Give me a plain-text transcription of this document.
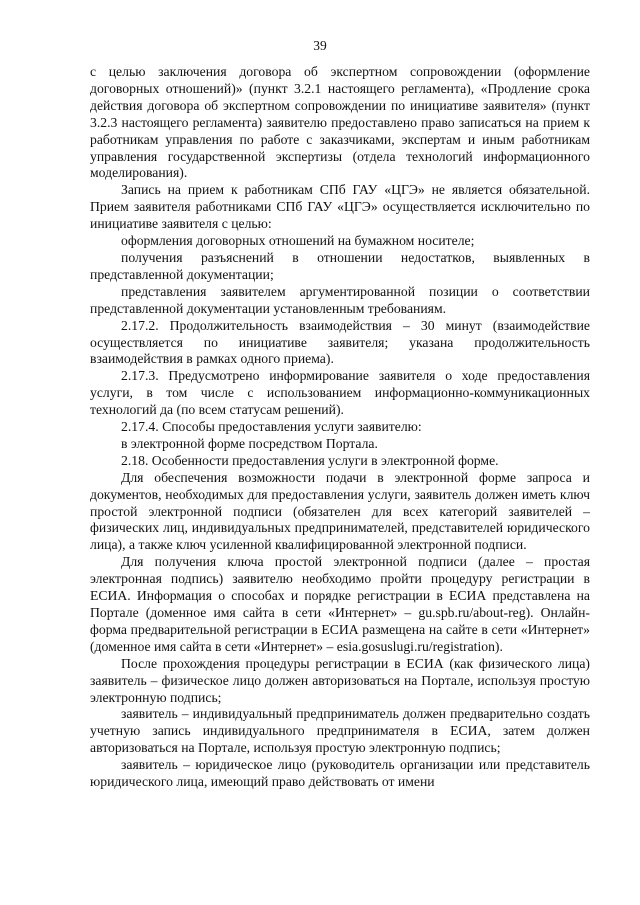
39

с целью заключения договора об экспертном сопровождении (оформление договорных отношений)» (пункт 3.2.1 настоящего регламента), «Продление срока действия договора об экспертном сопровождении по инициативе заявителя» (пункт 3.2.3 настоящего регламента) заявителю предоставлено право записаться на прием к работникам управления по работе с заказчиками, экспертам и иным работникам управления государственной экспертизы (отдела технологий информационного моделирования).

Запись на прием к работникам СПб ГАУ «ЦГЭ» не является обязательной. Прием заявителя работниками СПб ГАУ «ЦГЭ» осуществляется исключительно по инициативе заявителя с целью:

оформления договорных отношений на бумажном носителе;

получения разъяснений в отношении недостатков, выявленных в представленной документации;

представления заявителем аргументированной позиции о соответствии представленной документации установленным требованиям.

2.17.2. Продолжительность взаимодействия – 30 минут (взаимодействие осуществляется по инициативе заявителя; указана продолжительность взаимодействия в рамках одного приема).

2.17.3. Предусмотрено информирование заявителя о ходе предоставления услуги, в том числе с использованием информационно-коммуникационных технологий да (по всем статусам решений).

2.17.4. Способы предоставления услуги заявителю:

в электронной форме посредством Портала.

2.18. Особенности предоставления услуги в электронной форме.

Для обеспечения возможности подачи в электронной форме запроса и документов, необходимых для предоставления услуги, заявитель должен иметь ключ простой электронной подписи (обязателен для всех категорий заявителей – физических лиц, индивидуальных предпринимателей, представителей юридического лица), а также ключ усиленной квалифицированной электронной подписи.

Для получения ключа простой электронной подписи (далее – простая электронная подпись) заявителю необходимо пройти процедуру регистрации в ЕСИА. Информация о способах и порядке регистрации в ЕСИА представлена на Портале (доменное имя сайта в сети «Интернет» – gu.spb.ru/about-reg). Онлайн-форма предварительной регистрации в ЕСИА размещена на сайте в сети «Интернет» (доменное имя сайта в сети «Интернет» – esia.gosuslugi.ru/registration).

После прохождения процедуры регистрации в ЕСИА (как физического лица) заявитель – физическое лицо должен авторизоваться на Портале, используя простую электронную подпись;

заявитель – индивидуальный предприниматель должен предварительно создать учетную запись индивидуального предпринимателя в ЕСИА, затем должен авторизоваться на Портале, используя простую электронную подпись;

заявитель – юридическое лицо (руководитель организации или представитель юридического лица, имеющий право действовать от имени
